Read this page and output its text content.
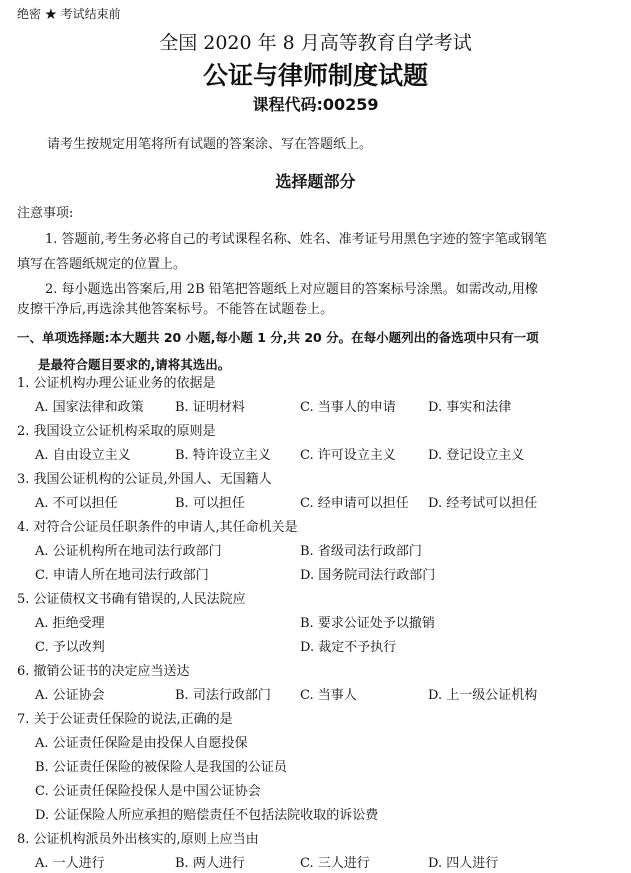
绝密 ★ 考试结束前
全国 2020 年 8 月高等教育自学考试
公证与律师制度试题
课程代码:00259
请考生按规定用笔将所有试题的答案涂、写在答题纸上。
选择题部分
注意事项:
1. 答题前,考生务必将自己的考试课程名称、姓名、准考证号用黑色字迹的签字笔或钢笔
填写在答题纸规定的位置上。
2. 每小题选出答案后,用 2B 铅笔把答题纸上对应题目的答案标号涂黑。如需改动,用橡
皮擦干净后,再选涂其他答案标号。不能答在试题卷上。
一、单项选择题:本大题共 20 小题,每小题 1 分,共 20 分。在每小题列出的备选项中只有一项
是最符合题目要求的,请将其选出。
1. 公证机构办理公证业务的依据是
A. 国家法律和政策 B. 证明材料	C. 当事人的申请 D. 事实和法律
2. 我国设立公证机构采取的原则是
A. 自由设立主义	B. 特许设立主义 C. 许可设立主义 D. 登记设立主义
3. 我国公证机构的公证员,外国人、无国籍人
A. 不可以担任	B. 可以担任	C. 经申请可以担任 D. 经考试可以担任
4. 对符合公证员任职条件的申请人,其任命机关是
A. 公证机构所在地司法行政部门	B. 省级司法行政部门
C. 申请人所在地司法行政部门	D. 国务院司法行政部门
5. 公证债权文书确有错误的,人民法院应
A. 拒绝受理	B. 要求公证处予以撤销
C. 予以改判	D. 裁定不予执行
6. 撤销公证书的决定应当送达
A. 公证协会	B. 司法行政部门 C. 当事人	D. 上一级公证机构
7. 关于公证责任保险的说法,正确的是
A. 公证责任保险是由投保人自愿投保
B. 公证责任保险的被保险人是我国的公证员
C. 公证责任保险投保人是中国公证协会
D. 公证保险人所应承担的赔偿责任不包括法院收取的诉讼费
8. 公证机构派员外出核实的,原则上应当由
A. 一人进行	B. 两人进行	C. 三人进行	D. 四人进行
